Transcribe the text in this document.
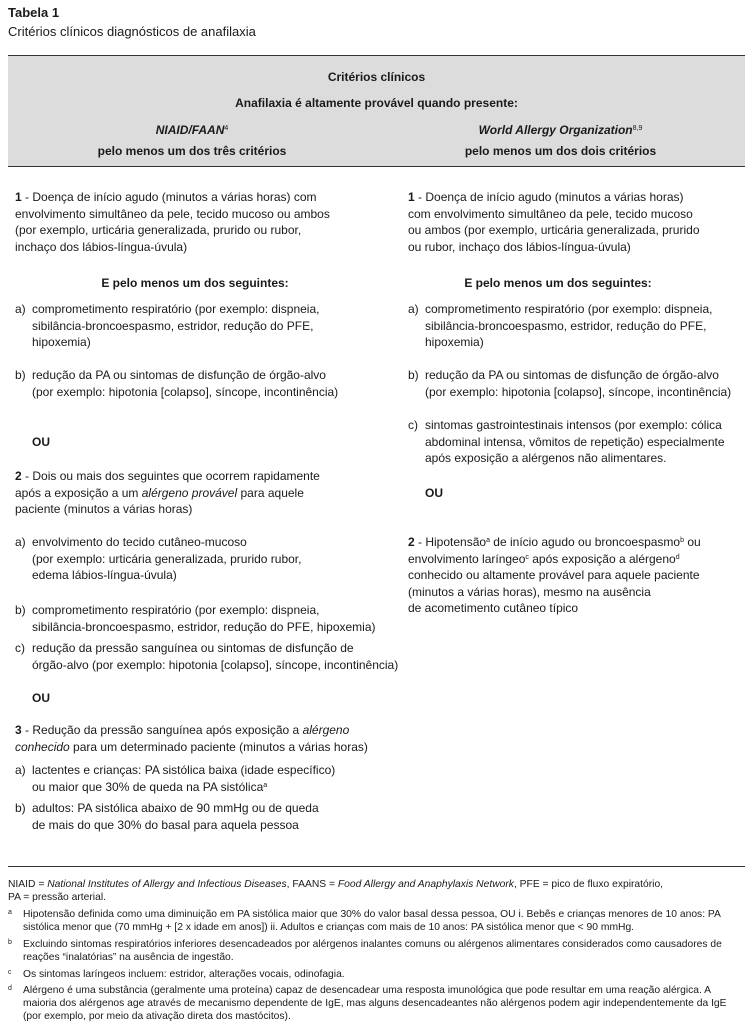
Tabela 1
Critérios clínicos diagnósticos de anafilaxia
Critérios clínicos
Anafilaxia é altamente provável quando presente:
NIAID/FAAN$^4$
pelo menos um dos três critérios
World Allergy Organization$^{8,9}$
pelo menos um dos dois critérios

1 - Doença de início agudo (minutos a várias horas) com

envolvimento simultâneo da pele, tecido mucoso ou ambos

(por exemplo, urticária generalizada, prurido ou rubor,

inchaço dos lábios-língua-úvula)

E pelo menos um dos seguintes:
a) comprometimento respiratório (por exemplo: dispneia,

sibilância-broncoespasmo, estridor, redução do PFE,

hipoxemia)

b) redução da PA ou sintomas de disfunção de órgão-alvo

(por exemplo: hipotonia [colapso], síncope, incontinência)

OU

2 - Dois ou mais dos seguintes que ocorrem rapidamente

após a exposição a um alérgeno provável para aquele

paciente (minutos a várias horas)

a) envolvimento do tecido cutâneo-mucoso

(por exemplo: urticária generalizada, prurido rubor,

edema lábios-língua-úvula)

b) comprometimento respiratório (por exemplo: dispneia,

sibilância-broncoespasmo, estridor, redução do PFE, hipoxemia)

c) redução da pressão sanguínea ou sintomas de disfunção de

órgão-alvo (por exemplo: hipotonia [colapso], síncope, incontinência)

OU

3 - Redução da pressão sanguínea após exposição a alérgeno

conhecido para um determinado paciente (minutos a várias horas)

a) lactentes e crianças: PA sistólica baixa (idade específico)

ou maior que 30% de queda na PA sistólica$^a$

b) adultos: PA sistólica abaixo de 90 mmHg ou de queda

de mais do que 30% do basal para aquela pessoa

1 - Doença de início agudo (minutos a várias horas)

com envolvimento simultâneo da pele, tecido mucoso

ou ambos (por exemplo, urticária generalizada, prurido

ou rubor, inchaço dos lábios-língua-úvula)

E pelo menos um dos seguintes:
a) comprometimento respiratório (por exemplo: dispneia,

sibilância-broncoespasmo, estridor, redução do PFE,

hipoxemia)

b) redução da PA ou sintomas de disfunção de órgão-alvo

(por exemplo: hipotonia [colapso], síncope, incontinência)

c) sintomas gastrointestinais intensos (por exemplo: cólica

abdominal intensa, vômitos de repetição) especialmente

após exposição a alérgenos não alimentares.

OU

2 - Hipotensão$^a$ de início agudo ou broncoespasmo$^b$ ou

envolvimento laríngeo$^c$ após exposição a alérgeno$^d$

conhecido ou altamente provável para aquele paciente

(minutos a várias horas), mesmo na ausência

de acometimento cutâneo típico

NIAID = National Institutes of Allergy and Infectious Diseases, FAANS = Food Allergy and Anaphylaxis Network, PFE = pico de fluxo expiratório,
PA = pressão arterial.
a Hipotensão definida como uma diminuição em PA sistólica maior que 30% do valor basal dessa pessoa, OU i. Bebês e crianças menores de 10 anos: PA sistólica menor que (70 mmHg + [2 x idade em anos]) ii. Adultos e crianças com mais de 10 anos: PA sistólica menor que < 90 mmHg.
b Excluindo sintomas respiratórios inferiores desencadeados por alérgenos inalantes comuns ou alérgenos alimentares considerados como causadores de reações “inalatórias” na ausência de ingestão.
c Os sintomas laríngeos incluem: estridor, alterações vocais, odinofagia.
d Alérgeno é uma substância (geralmente uma proteína) capaz de desencadear uma resposta imunológica que pode resultar em uma reação alérgica. A maioria dos alérgenos age através de mecanismo dependente de IgE, mas alguns desencadeantes não alérgenos podem agir independentemente da IgE (por exemplo, por meio da ativação direta dos mastócitos).
